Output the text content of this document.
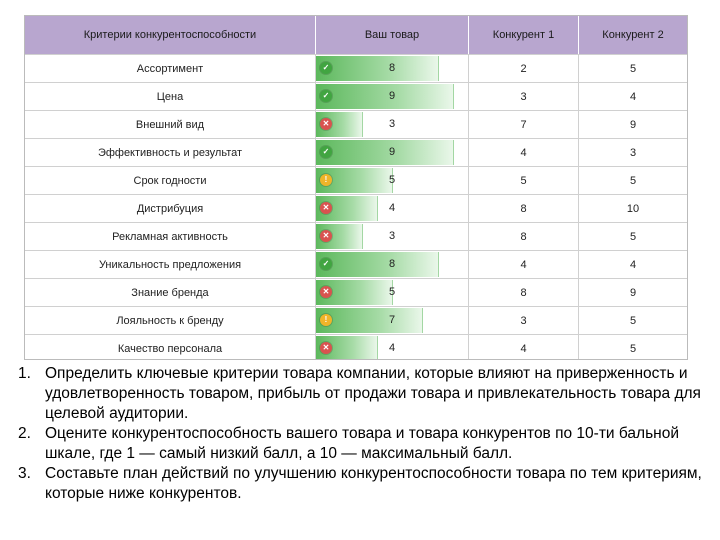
Критерии конкурентоспособности	Ваш товар	Конкурент 1	Конкурент 2
Ассортимент	✓	8	2	5
Цена	✓	9	3	4
Внешний вид	✕	3	7	9
Эффективность и результат	✓	9	4	3
Срок годности	!	5	5	5
Дистрибуция	✕	4	8	10
Рекламная активность	✕	3	8	5
Уникальность предложения	✓	8	4	4
Знание бренда	✕	5	8	9
Лояльность к бренду	!	7	3	5
Качество персонала	✕	4	4	5
1. Определить ключевые критерии товара компании, которые влияют на приверженность и удовлетворенность товаром, прибыль от продажи товара и привлекательность товара для целевой аудитории.
2. Оцените конкурентоспособность вашего товара и товара конкурентов по 10-ти бальной шкале, где 1 — самый низкий балл, а 10 — максимальный балл.
3. Составьте план действий по улучшению конкурентоспособности товара по тем критериям, которые ниже конкурентов.
